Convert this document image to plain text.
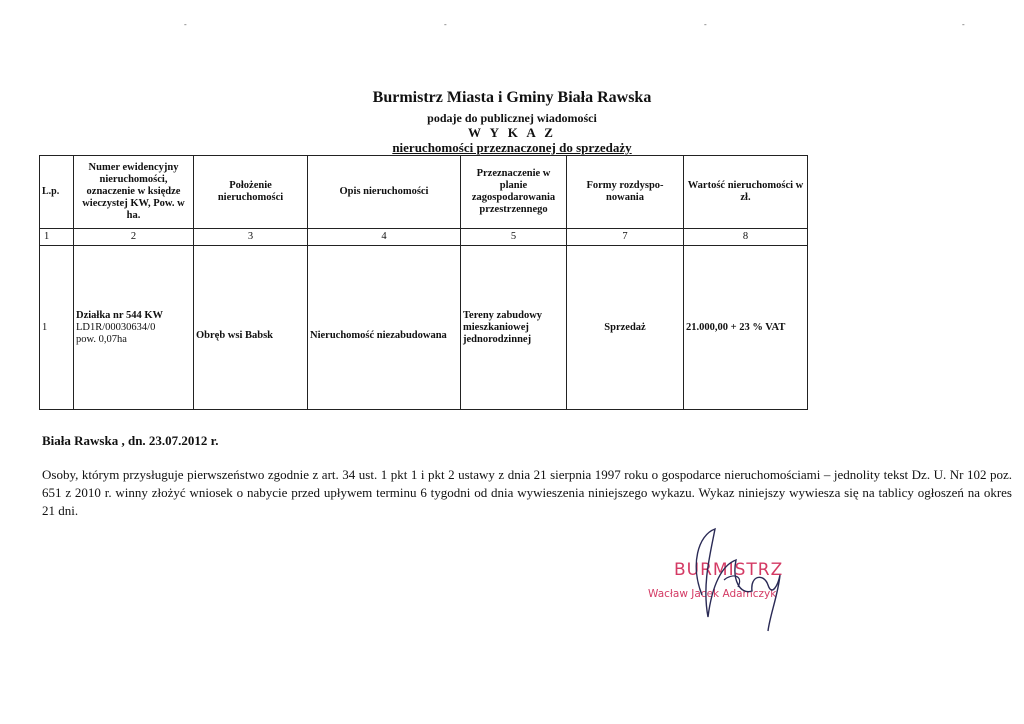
-	-	-	-
Burmistrz Miasta i Gminy Biała Rawska
podaje do publicznej wiadomości
W Y K A Z
nieruchomości przeznaczonej do sprzedaży
L.p.	Numer ewidencyjny nieruchomości, oznaczenie w księdze wieczystej KW, Pow. w ha.	Położenie nieruchomości	Opis nieruchomości	Przeznaczenie w planie zagospodarowania przestrzennego	Formy rozdyspo-nowania	Wartość nieruchomości w zł.
1	2	3	4	5	7	8
1	Działka nr 544 KW
LD1R/00030634/0
pow. 0,07ha	Obręb wsi Babsk	Nieruchomość niezabudowana	Tereny zabudowy mieszkaniowej jednorodzinnej	Sprzedaż	21.000,00 + 23 % VAT
Biała Rawska , dn. 23.07.2012 r.
Osoby, którym przysługuje pierwszeństwo zgodnie z art. 34 ust. 1 pkt 1 i pkt 2 ustawy z dnia 21 sierpnia 1997 roku o gospodarce nieruchomościami – jednolity tekst Dz. U. Nr 102 poz. 651 z 2010 r. winny złożyć wniosek o nabycie przed upływem terminu 6 tygodni od dnia wywieszenia niniejszego wykazu. Wykaz niniejszy wywiesza się na tablicy ogłoszeń na okres 21 dni.
BURMISTRZ
Wacław Jacek Adamczyk
